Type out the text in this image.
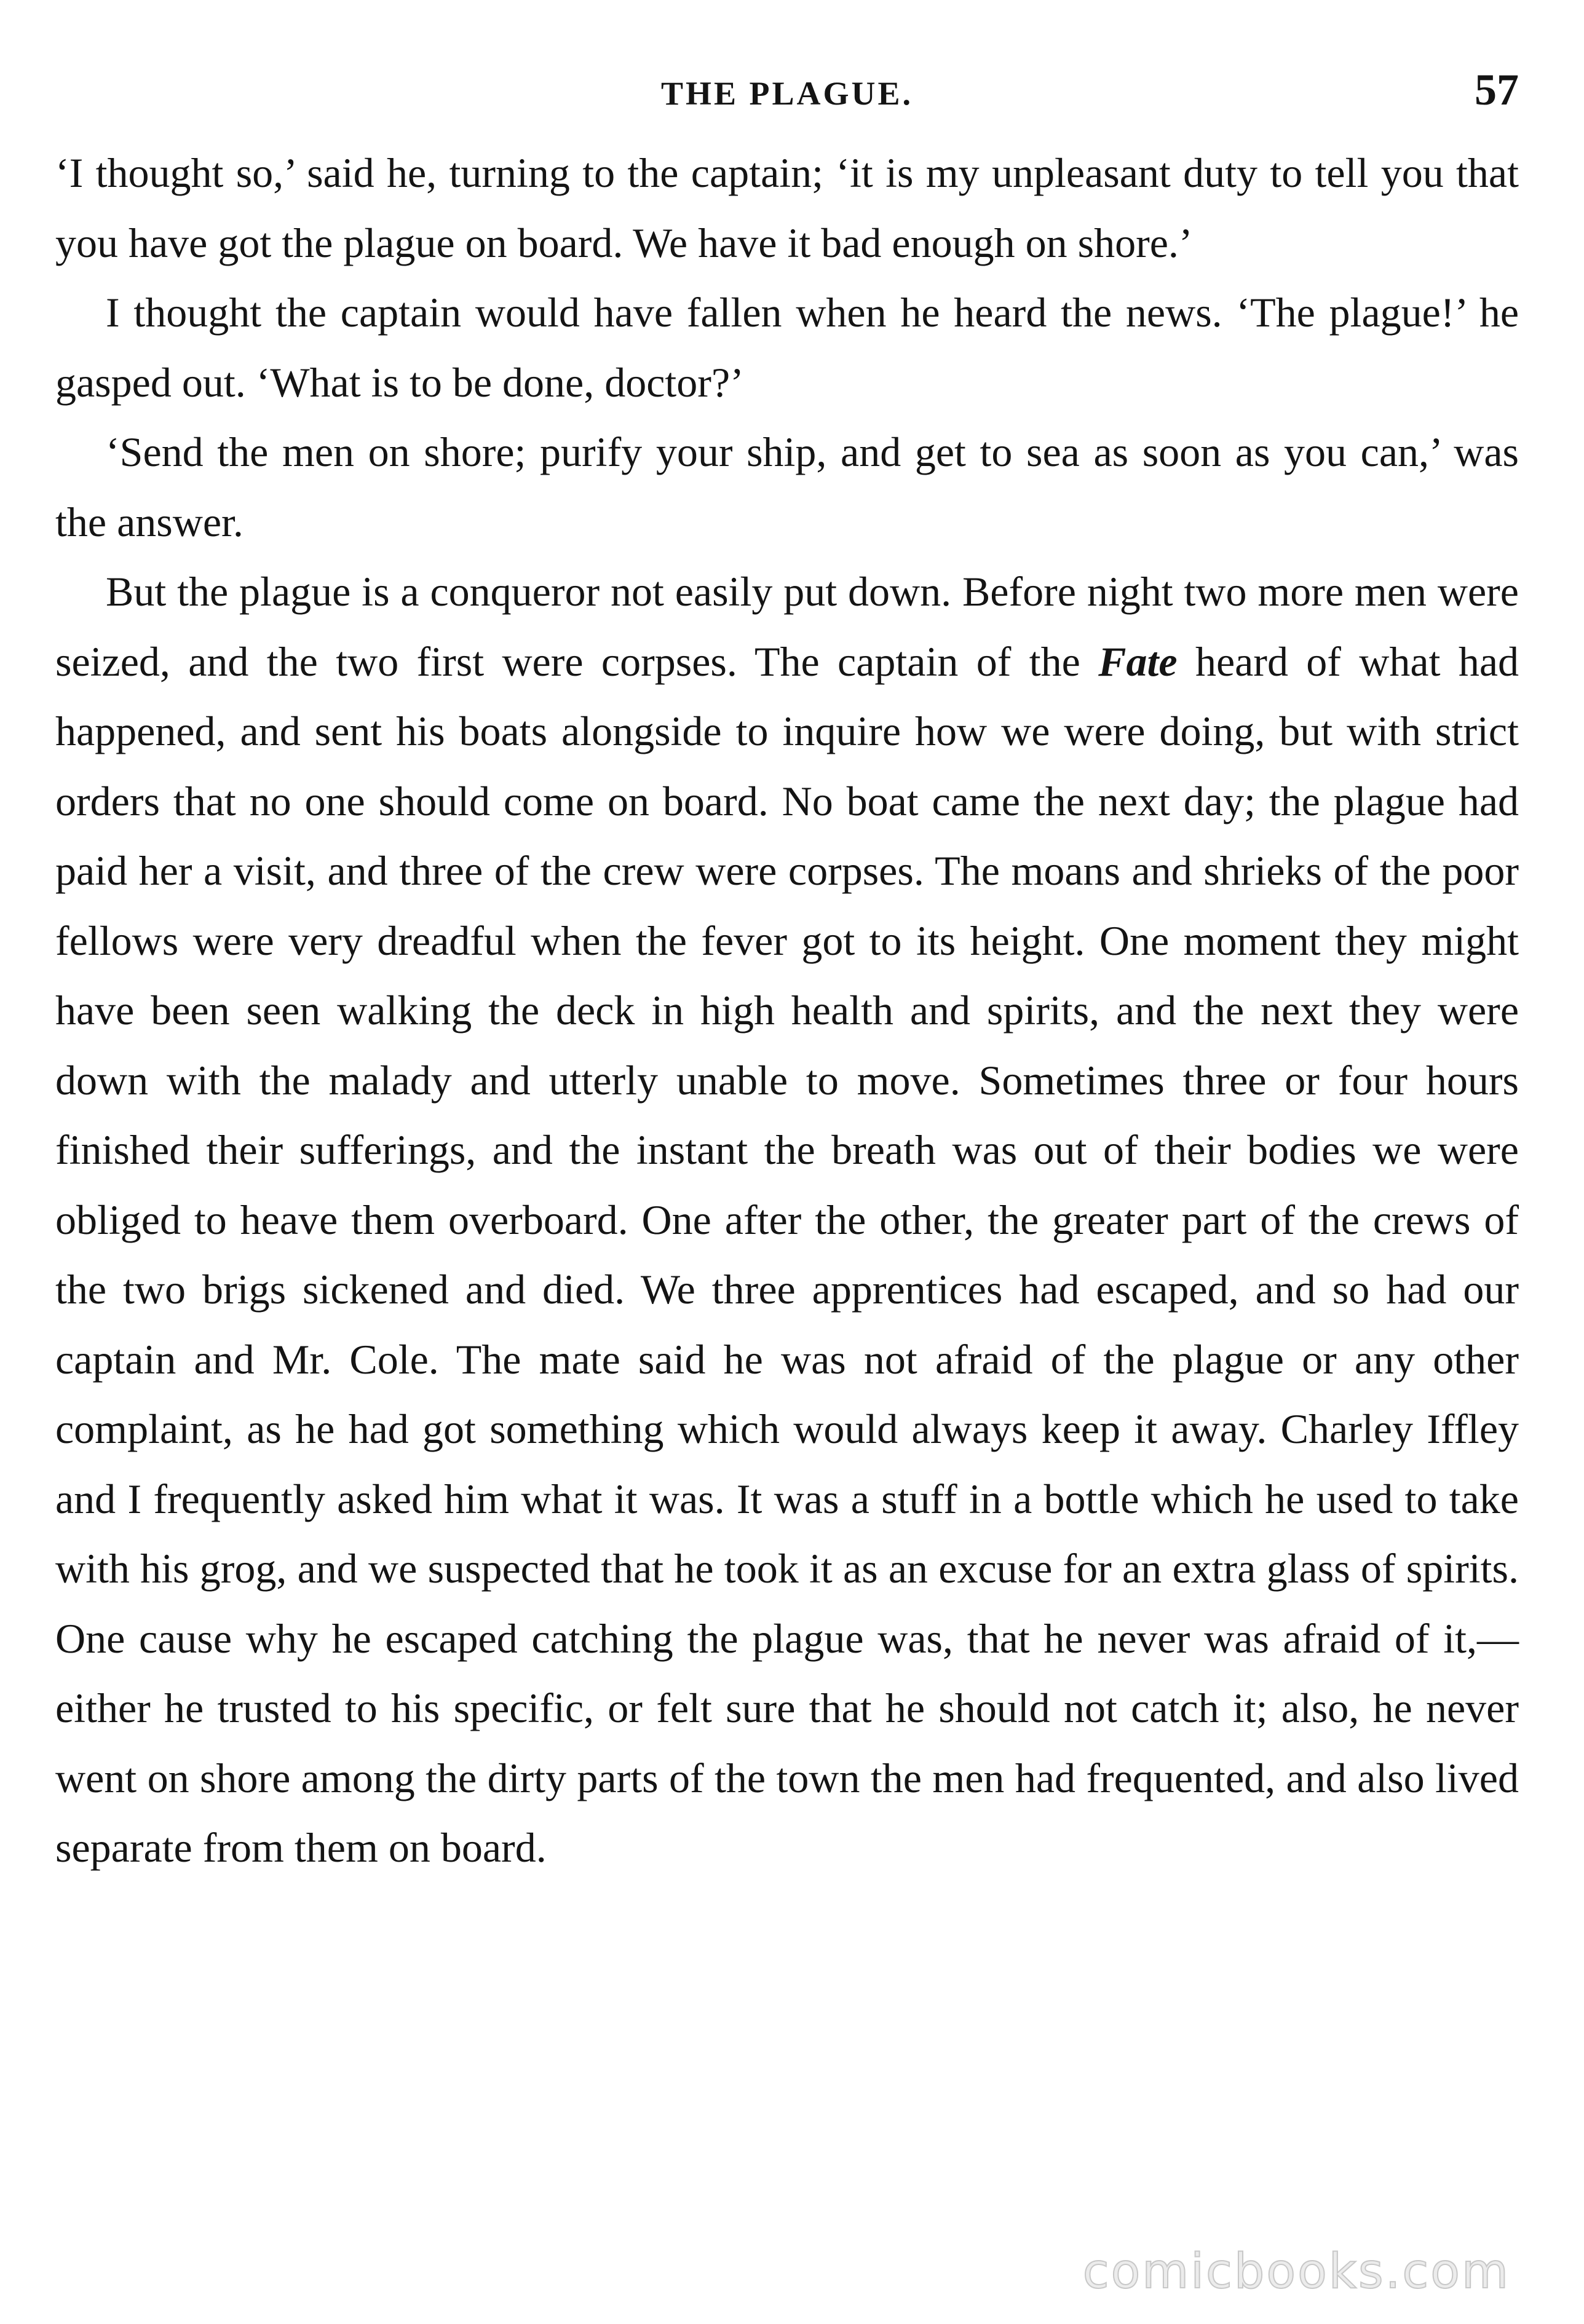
THE PLAGUE.	57

‘I thought so,’ said he, turning to the captain; ‘it is my unpleasant duty to tell you that you have got the plague on board. We have it bad enough on shore.’

I thought the captain would have fallen when he heard the news. ‘The plague!’ he gasped out. ‘What is to be done, doctor?’

‘Send the men on shore; purify your ship, and get to sea as soon as you can,’ was the answer.

But the plague is a conqueror not easily put down. Before night two more men were seized, and the two first were corpses. The captain of the Fate heard of what had happened, and sent his boats alongside to inquire how we were doing, but with strict orders that no one should come on board. No boat came the next day; the plague had paid her a visit, and three of the crew were corpses. The moans and shrieks of the poor fellows were very dreadful when the fever got to its height. One moment they might have been seen walking the deck in high health and spirits, and the next they were down with the malady and utterly unable to move. Sometimes three or four hours finished their sufferings, and the instant the breath was out of their bodies we were obliged to heave them overboard. One after the other, the greater part of the crews of the two brigs sickened and died. We three apprentices had escaped, and so had our captain and Mr. Cole. The mate said he was not afraid of the plague or any other complaint, as he had got something which would always keep it away. Charley Iffley and I frequently asked him what it was. It was a stuff in a bottle which he used to take with his grog, and we suspected that he took it as an excuse for an extra glass of spirits. One cause why he escaped catching the plague was, that he never was afraid of it,—either he trusted to his specific, or felt sure that he should not catch it; also, he never went on shore among the dirty parts of the town the men had frequented, and also lived separate from them on board.

comicbooks.com
